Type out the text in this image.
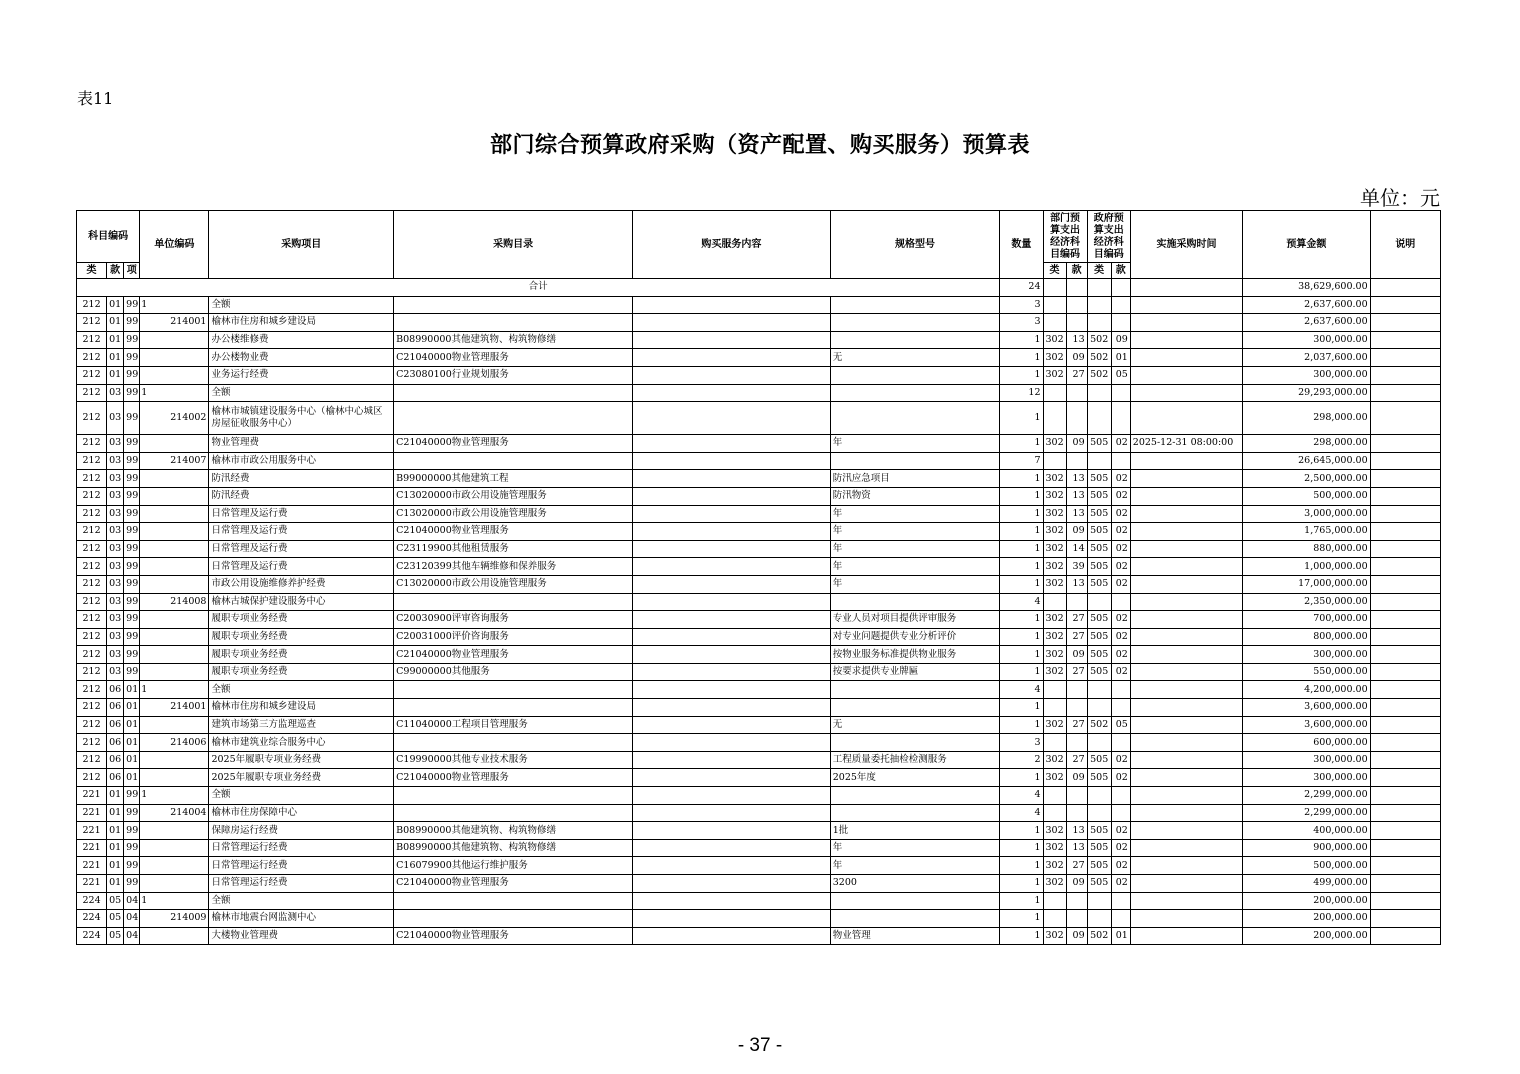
表11
部门综合预算政府采购（资产配置、购买服务）预算表
单位：元
科目编码			单位编码	采购项目	采购目录	购买服务内容	规格型号	数量	部门预算支出经济科目编码		政府预算支出经济科目编码		实施采购时间	预算金额	说明
类	款	项							类	款	类	款			
合计								24						38,629,600.00	
212	01	99 1		全额				3						2,637,600.00	
212	01	99	214001	榆林市住房和城乡建设局				3						2,637,600.00	
212	01	99		办公楼维修费	B08990000其他建筑物、构筑物修缮			1	302	13	502	09		300,000.00	
212	01	99		办公楼物业费	C21040000物业管理服务		无	1	302	09	502	01		2,037,600.00	
212	01	99		业务运行经费	C23080100行业规划服务			1	302	27	502	05		300,000.00	
212	03	99 1		全额				12						29,293,000.00	
212	03	99	214002	榆林市城镇建设服务中心（榆林中心城区房屋征收服务中心）				1						298,000.00	
212	03	99		物业管理费	C21040000物业管理服务		年	1	302	09	505	02	2025-12-31 08:00:00	298,000.00	
212	03	99	214007	榆林市市政公用服务中心				7						26,645,000.00	
212	03	99		防汛经费	B99000000其他建筑工程		防汛应急项目	1	302	13	505	02		2,500,000.00	
212	03	99		防汛经费	C13020000市政公用设施管理服务		防汛物资	1	302	13	505	02		500,000.00	
212	03	99		日常管理及运行费	C13020000市政公用设施管理服务		年	1	302	13	505	02		3,000,000.00	
212	03	99		日常管理及运行费	C21040000物业管理服务		年	1	302	09	505	02		1,765,000.00	
212	03	99		日常管理及运行费	C23119900其他租赁服务		年	1	302	14	505	02		880,000.00	
212	03	99		日常管理及运行费	C23120399其他车辆维修和保养服务		年	1	302	39	505	02		1,000,000.00	
212	03	99		市政公用设施维修养护经费	C13020000市政公用设施管理服务		年	1	302	13	505	02		17,000,000.00	
212	03	99	214008	榆林古城保护建设服务中心				4						2,350,000.00	
212	03	99		履职专项业务经费	C20030900评审咨询服务		专业人员对项目提供评审服务	1	302	27	505	02		700,000.00	
212	03	99		履职专项业务经费	C20031000评价咨询服务		对专业问题提供专业分析评价	1	302	27	505	02		800,000.00	
212	03	99		履职专项业务经费	C21040000物业管理服务		按物业服务标准提供物业服务	1	302	09	505	02		300,000.00	
212	03	99		履职专项业务经费	C99000000其他服务		按要求提供专业牌匾	1	302	27	505	02		550,000.00	
212	06	01 1		全额				4						4,200,000.00	
212	06	01	214001	榆林市住房和城乡建设局				1						3,600,000.00	
212	06	01		建筑市场第三方监理巡查	C11040000工程项目管理服务		无	1	302	27	502	05		3,600,000.00	
212	06	01	214006	榆林市建筑业综合服务中心				3						600,000.00	
212	06	01		2025年履职专项业务经费	C19990000其他专业技术服务		工程质量委托抽检检测服务	2	302	27	505	02		300,000.00	
212	06	01		2025年履职专项业务经费	C21040000物业管理服务		2025年度	1	302	09	505	02		300,000.00	
221	01	99 1		全额				4						2,299,000.00	
221	01	99	214004	榆林市住房保障中心				4						2,299,000.00	
221	01	99		保障房运行经费	B08990000其他建筑物、构筑物修缮		1批	1	302	13	505	02		400,000.00	
221	01	99		日常管理运行经费	B08990000其他建筑物、构筑物修缮		年	1	302	13	505	02		900,000.00	
221	01	99		日常管理运行经费	C16079900其他运行维护服务		年	1	302	27	505	02		500,000.00	
221	01	99		日常管理运行经费	C21040000物业管理服务		3200	1	302	09	505	02		499,000.00	
224	05	04 1		全额				1						200,000.00	
224	05	04	214009	榆林市地震台网监测中心				1						200,000.00	
224	05	04		大楼物业管理费	C21040000物业管理服务		物业管理	1	302	09	502	01		200,000.00	
- 37 -
